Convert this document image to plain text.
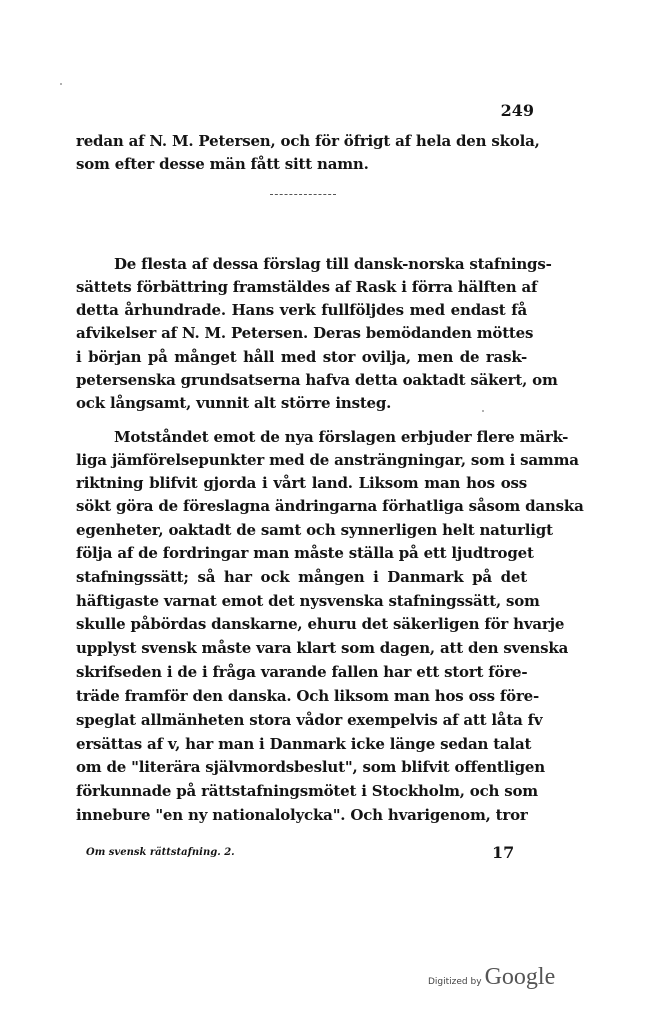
249
redan af N. M. Petersen, och för öfrigt af hela den skola,
som efter desse män fått sitt namn.
De flesta af dessa förslag till dansk-norska stafnings-
sättets förbättring framstäldes af Rask i förra hälften af
detta århundrade. Hans verk fullföljdes med endast få
afvikelser af N. M. Petersen. Deras bemödanden möttes
i början på månget håll med stor ovilja, men de rask-
petersenska grundsatserna hafva detta oaktadt säkert, om
ock långsamt, vunnit alt större insteg.
Motståndet emot de nya förslagen erbjuder flere märk-
liga jämförelsepunkter med de ansträngningar, som i samma
riktning blifvit gjorda i vårt land. Liksom man hos oss
sökt göra de föreslagna ändringarna förhatliga såsom danska
egenheter, oaktadt de samt och synnerligen helt naturligt
följa af de fordringar man måste ställa på ett ljudtroget
stafningssätt; så har ock mången i Danmark på det
häftigaste varnat emot det nysvenska stafningssätt, som
skulle påbördas danskarne, ehuru det säkerligen för hvarje
upplyst svensk måste vara klart som dagen, att den svenska
skrifseden i de i fråga varande fallen har ett stort före-
träde framför den danska. Och liksom man hos oss före-
speglat allmänheten stora vådor exempelvis af att låta fv
ersättas af v, har man i Danmark icke länge sedan talat
om de "literära självmordsbeslut", som blifvit offentligen
förkunnade på rättstafningsmötet i Stockholm, och som
innebure "en ny nationalolycka". Och hvarigenom, tror
Om svensk rättstafning. 2.	17
Digitized by Google
